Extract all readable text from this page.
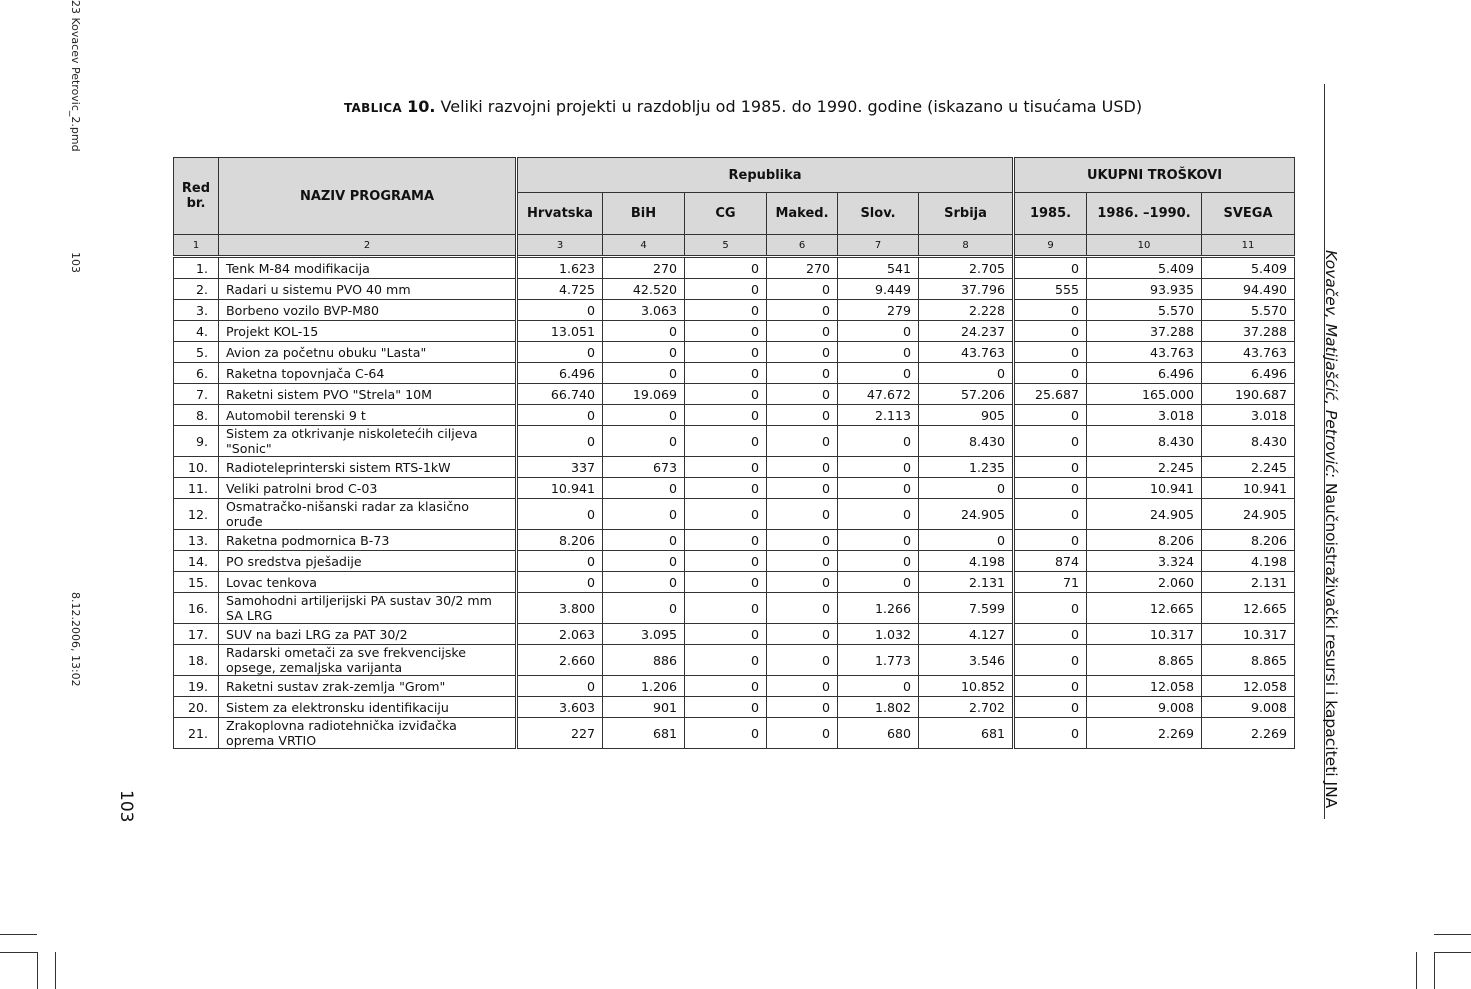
23 Kovacev Petrovic_2.pmd
103
8.12.2006, 13:02
103
Kovačev, Matijašćić, Petrović: Naučnoistraživački resursi i kapaciteti JNA
TABLICA 10. Veliki razvojni projekti u razdoblju od 1985. do 1990. godine (iskazano u tisućama USD)
Red br.	NAZIV PROGRAMA	Republika						UKUPNI TROŠKOVI		
		Hrvatska	BiH	CG	Maked.	Slov.	Srbija	1985.	1986. –1990.	SVEGA
1	2	3	4	5	6	7	8	9	10	11
1.	Tenk M-84 modifikacija	1.623	270	0	270	541	2.705	0	5.409	5.409
2.	Radari u sistemu PVO 40 mm	4.725	42.520	0	0	9.449	37.796	555	93.935	94.490
3.	Borbeno vozilo BVP-M80	0	3.063	0	0	279	2.228	0	5.570	5.570
4.	Projekt KOL-15	13.051	0	0	0	0	24.237	0	37.288	37.288
5.	Avion za početnu obuku "Lasta"	0	0	0	0	0	43.763	0	43.763	43.763
6.	Raketna topovnjača C-64	6.496	0	0	0	0	0	0	6.496	6.496
7.	Raketni sistem PVO "Strela" 10M	66.740	19.069	0	0	47.672	57.206	25.687	165.000	190.687
8.	Automobil terenski 9 t	0	0	0	0	2.113	905	0	3.018	3.018
9.	Sistem za otkrivanje niskoletećih ciljeva "Sonic"	0	0	0	0	0	8.430	0	8.430	8.430
10.	Radioteleprinterski sistem RTS-1kW	337	673	0	0	0	1.235	0	2.245	2.245
11.	Veliki patrolni brod C-03	10.941	0	0	0	0	0	0	10.941	10.941
12.	Osmatračko-nišanski radar za klasično oruđe	0	0	0	0	0	24.905	0	24.905	24.905
13.	Raketna podmornica B-73	8.206	0	0	0	0	0	0	8.206	8.206
14.	PO sredstva pješadije	0	0	0	0	0	4.198	874	3.324	4.198
15.	Lovac tenkova	0	0	0	0	0	2.131	71	2.060	2.131
16.	Samohodni artiljerijski PA sustav 30/2 mm SA LRG	3.800	0	0	0	1.266	7.599	0	12.665	12.665
17.	SUV na bazi LRG za PAT 30/2	2.063	3.095	0	0	1.032	4.127	0	10.317	10.317
18.	Radarski ometači za sve frekvencijske opsege, zemaljska varijanta	2.660	886	0	0	1.773	3.546	0	8.865	8.865
19.	Raketni sustav zrak-zemlja "Grom"	0	1.206	0	0	0	10.852	0	12.058	12.058
20.	Sistem za elektronsku identifikaciju	3.603	901	0	0	1.802	2.702	0	9.008	9.008
21.	Zrakoplovna radiotehnička izviđačka oprema VRTIO	227	681	0	0	680	681	0	2.269	2.269
